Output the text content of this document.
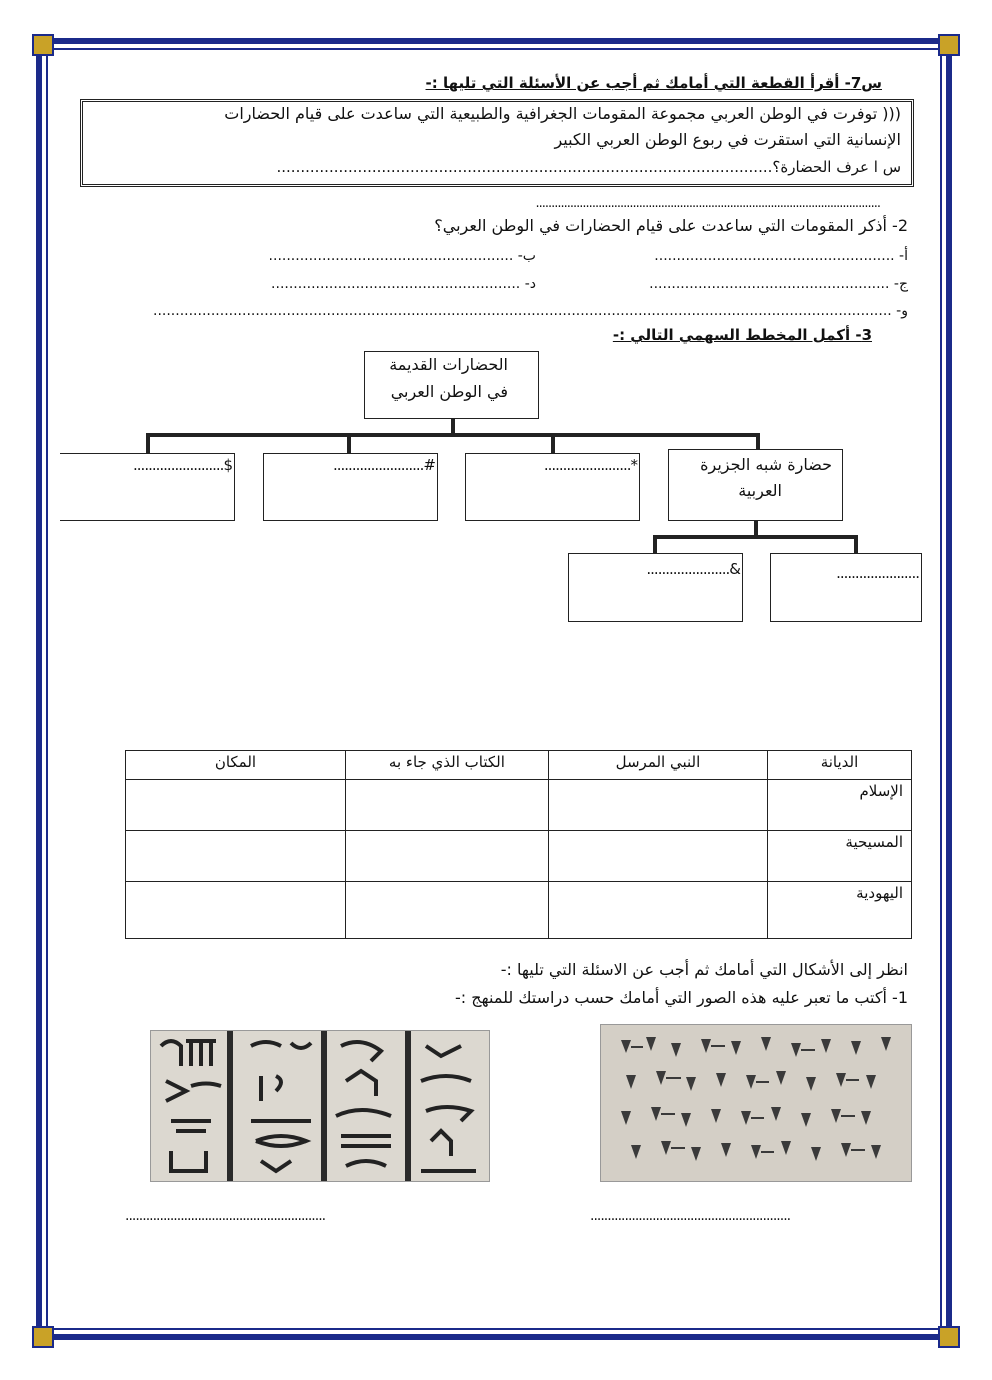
س7- أقرأ القطعة التي أمامك ثم أجب عن الأسئلة التي تليها :-
((( توفرت في الوطن العربي مجموعة المقومات الجغرافية والطبيعية التي ساعدت على قيام الحضارات
الإنسانية التي استقرت في ربوع الوطن العربي الكبير
س ا عرف الحضارة؟........................................................................................................
..............................................................................................................
2- أذكر المقومات التي ساعدت على قيام الحضارات في الوطن العربي؟
أ- ......................................................
ب- .......................................................
ج- ......................................................
د- ........................................................
و- ......................................................................................................................................................................
3- أكمل المخطط السهمي التالي :-
الحضارات القديمة
في الوطن العربي
حضارة شبه الجزيرة
العربية
*.......................
#........................
$........................
&......................	......................
المكان	الكتاب الذي جاء به	النبي المرسل	الديانة
			الإسلام
			المسيحية
			اليهودية
انظر إلى الأشكال التي أمامك ثم أجب عن الاسئلة التي تليها :-
1- أكتب ما تعبر عليه هذه الصور التي أمامك حسب دراستك للمنهج :-
..........................................................	..........................................................
